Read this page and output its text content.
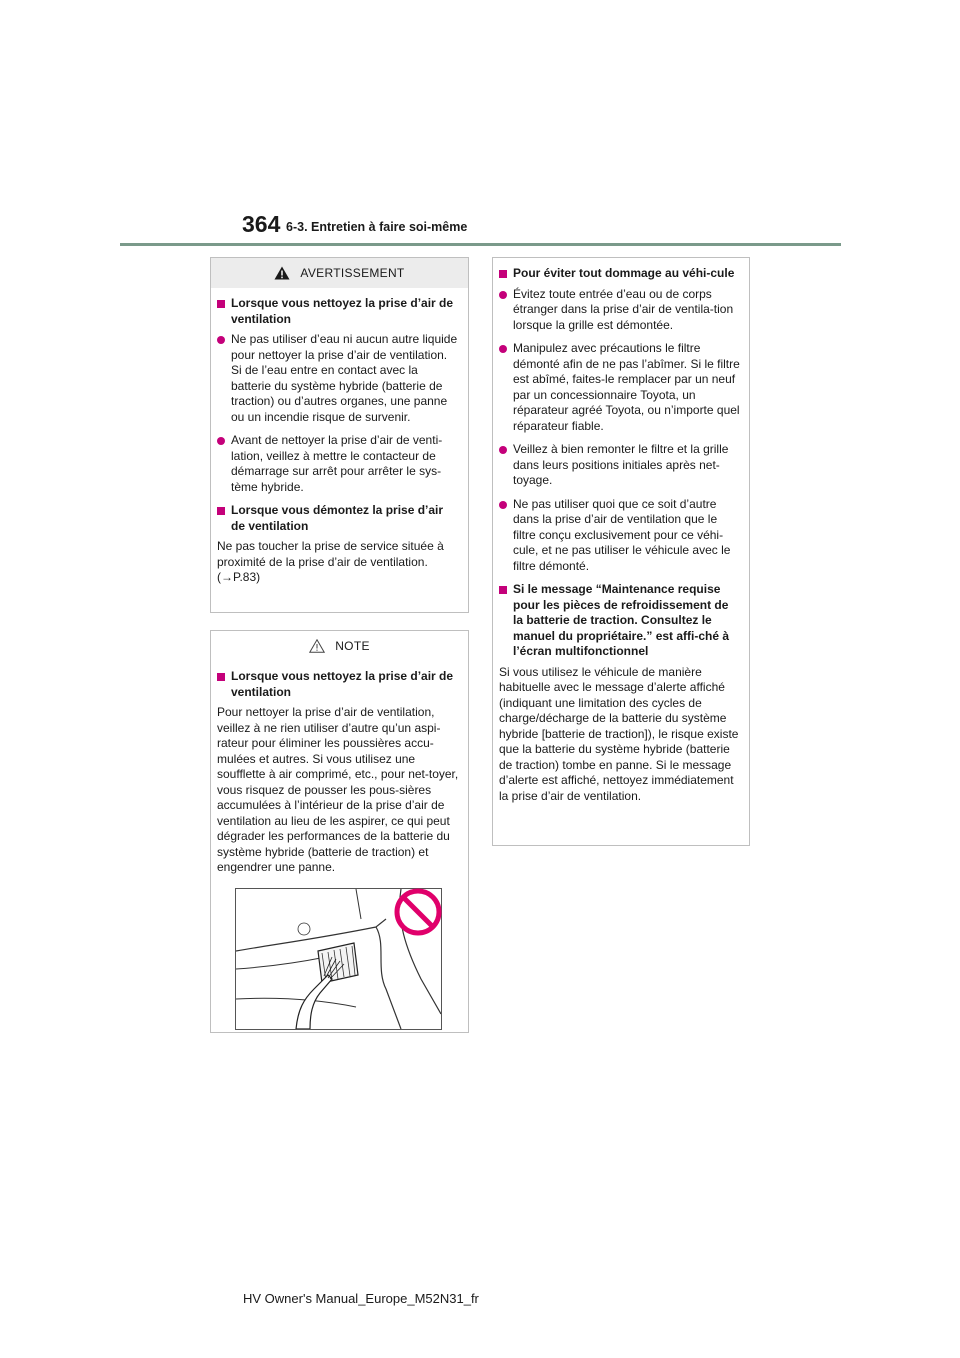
364 6-3. Entretien à faire soi-même
AVERTISSEMENT
Lorsque vous nettoyez la prise d’air de ventilation
Ne pas utiliser d’eau ni aucun autre liquide pour nettoyer la prise d’air de ventilation. Si de l’eau entre en contact avec la batterie du système hybride (batterie de traction) ou d’autres organes, une panne ou un incendie risque de survenir.
Avant de nettoyer la prise d’air de venti-lation, veillez à mettre le contacteur de démarrage sur arrêt pour arrêter le sys-tème hybride.
Lorsque vous démontez la prise d’air de ventilation
Ne pas toucher la prise de service située à proximité de la prise d’air de ventilation. (→P.83)
NOTE
Lorsque vous nettoyez la prise d’air de ventilation
Pour nettoyer la prise d’air de ventilation, veillez à ne rien utiliser d’autre qu’un aspi-rateur pour éliminer les poussières accu-mulées et autres. Si vous utilisez une soufflette à air comprimé, etc., pour net-toyer, vous risquez de pousser les pous-sières accumulées à l’intérieur de la prise d’air de ventilation au lieu de les aspirer, ce qui peut dégrader les performances de la batterie du système hybride (batterie de traction) et engendrer une panne.
Pour éviter tout dommage au véhi-cule
Évitez toute entrée d’eau ou de corps étranger dans la prise d’air de ventila-tion lorsque la grille est démontée.
Manipulez avec précautions le filtre démonté afin de ne pas l’abîmer. Si le filtre est abîmé, faites-le remplacer par un neuf par un concessionnaire Toyota, un réparateur agréé Toyota, ou n’importe quel réparateur fiable.
Veillez à bien remonter le filtre et la grille dans leurs positions initiales après net-toyage.
Ne pas utiliser quoi que ce soit d’autre dans la prise d’air de ventilation que le filtre conçu exclusivement pour ce véhi-cule, et ne pas utiliser le véhicule avec le filtre démonté.
Si le message “Maintenance requise pour les pièces de refroidissement de la batterie de traction. Consultez le manuel du propriétaire.” est affi-ché à l’écran multifonctionnel
Si vous utilisez le véhicule de manière habituelle avec le message d’alerte affiché (indiquant une limitation des cycles de charge/décharge de la batterie du système hybride [batterie de traction]), le risque existe que la batterie du système hybride (batterie de traction) tombe en panne. Si le message d’alerte est affiché, nettoyez immédiatement la prise d’air de ventilation.
HV Owner's Manual_Europe_M52N31_fr
